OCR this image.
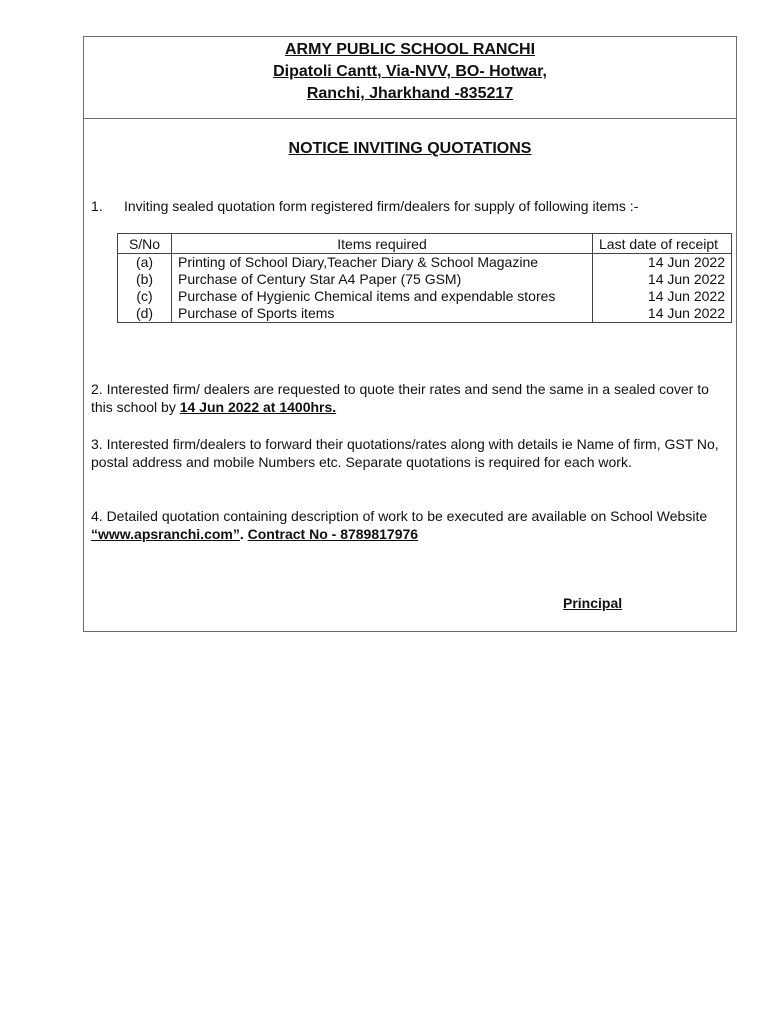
ARMY PUBLIC SCHOOL RANCHI
Dipatoli Cantt, Via-NVV, BO- Hotwar,
Ranchi, Jharkhand -835217
NOTICE INVITING QUOTATIONS
1.	Inviting sealed quotation form registered firm/dealers for supply of following items :-
S/No	Items required	Last date of receipt
(a)	Printing of School Diary,Teacher Diary & School Magazine	14 Jun 2022
(b)	Purchase of Century Star A4 Paper (75 GSM)	14 Jun 2022
(c)	Purchase of Hygienic Chemical items and expendable stores	14 Jun 2022
(d)	Purchase of Sports items	14 Jun 2022
2. Interested firm/ dealers are requested to quote their rates and send the same in a sealed cover to this school by 14 Jun 2022 at 1400hrs.
3. Interested firm/dealers to forward their quotations/rates along with details ie Name of firm, GST No, postal address and mobile Numbers etc. Separate quotations is required for each work.
4. Detailed quotation containing description of work to be executed are available on School Website “www.apsranchi.com”. Contract No - 8789817976
Principal
